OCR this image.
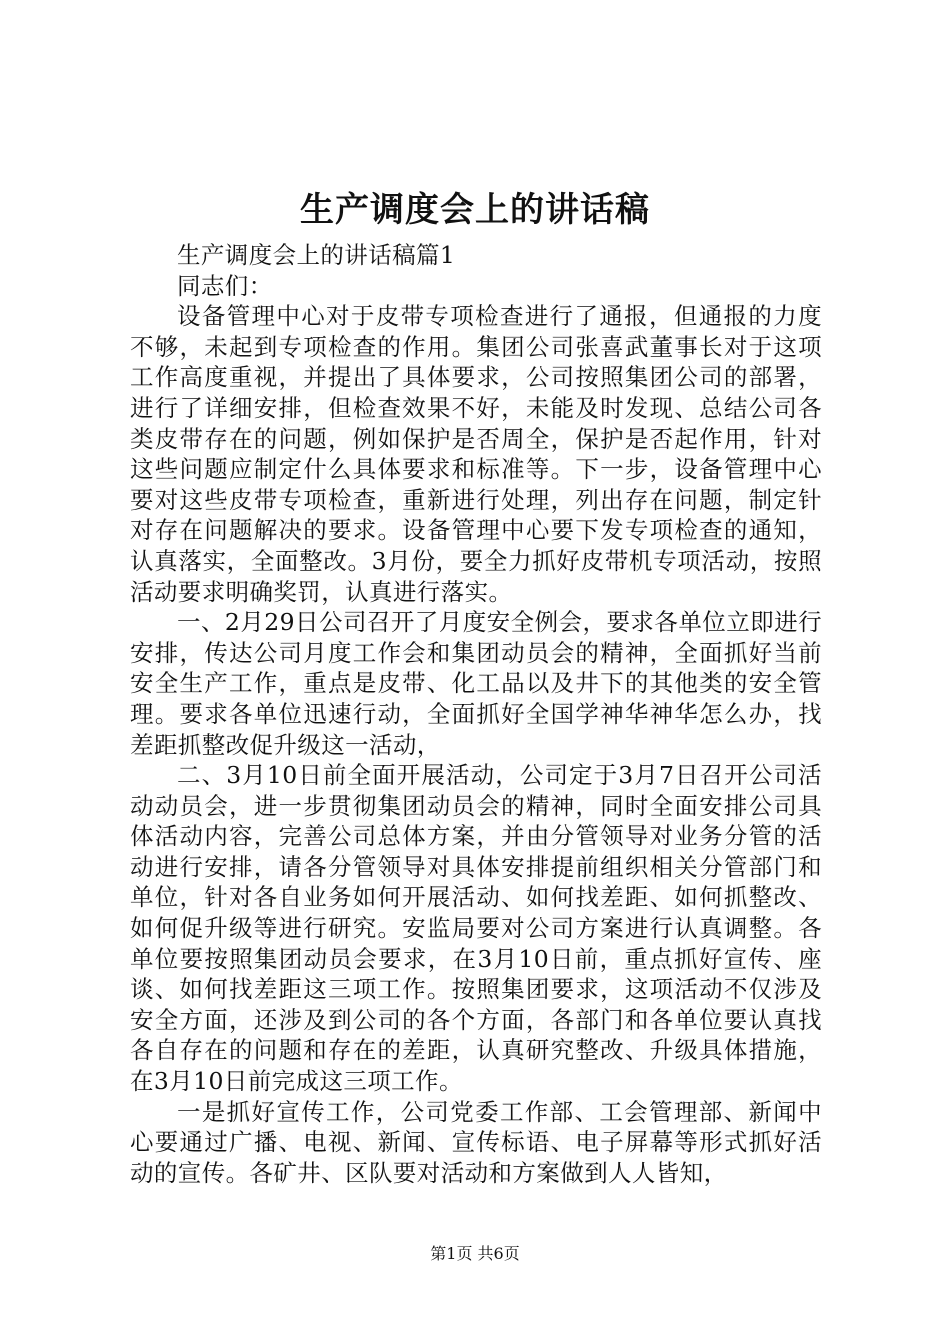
生产调度会上的讲话稿

生产调度会上的讲话稿篇1

同志们：

设备管理中心对于皮带专项检查进行了通报，但通报的力度不够，未起到专项检查的作用。集团公司张喜武董事长对于这项工作高度重视，并提出了具体要求，公司按照集团公司的部署，进行了详细安排，但检查效果不好，未能及时发现、总结公司各类皮带存在的问题，例如保护是否周全，保护是否起作用，针对这些问题应制定什么具体要求和标准等。下一步，设备管理中心要对这些皮带专项检查，重新进行处理，列出存在问题，制定针对存在问题解决的要求。设备管理中心要下发专项检查的通知，认真落实，全面整改。3月份，要全力抓好皮带机专项活动，按照活动要求明确奖罚，认真进行落实。

一、2月29日公司召开了月度安全例会，要求各单位立即进行安排，传达公司月度工作会和集团动员会的精神，全面抓好当前安全生产工作，重点是皮带、化工品以及井下的其他类的安全管理。要求各单位迅速行动，全面抓好全国学神华神华怎么办，找差距抓整改促升级这一活动，

二、3月10日前全面开展活动，公司定于3月7日召开公司活动动员会，进一步贯彻集团动员会的精神，同时全面安排公司具体活动内容，完善公司总体方案，并由分管领导对业务分管的活动进行安排，请各分管领导对具体安排提前组织相关分管部门和单位，针对各自业务如何开展活动、如何找差距、如何抓整改、如何促升级等进行研究。安监局要对公司方案进行认真调整。各单位要按照集团动员会要求，在3月10日前，重点抓好宣传、座谈、如何找差距这三项工作。按照集团要求，这项活动不仅涉及安全方面，还涉及到公司的各个方面，各部门和各单位要认真找各自存在的问题和存在的差距，认真研究整改、升级具体措施，在3月10日前完成这三项工作。

一是抓好宣传工作，公司党委工作部、工会管理部、新闻中心要通过广播、电视、新闻、宣传标语、电子屏幕等形式抓好活动的宣传。各矿井、区队要对活动和方案做到人人皆知，

第1页 共6页
